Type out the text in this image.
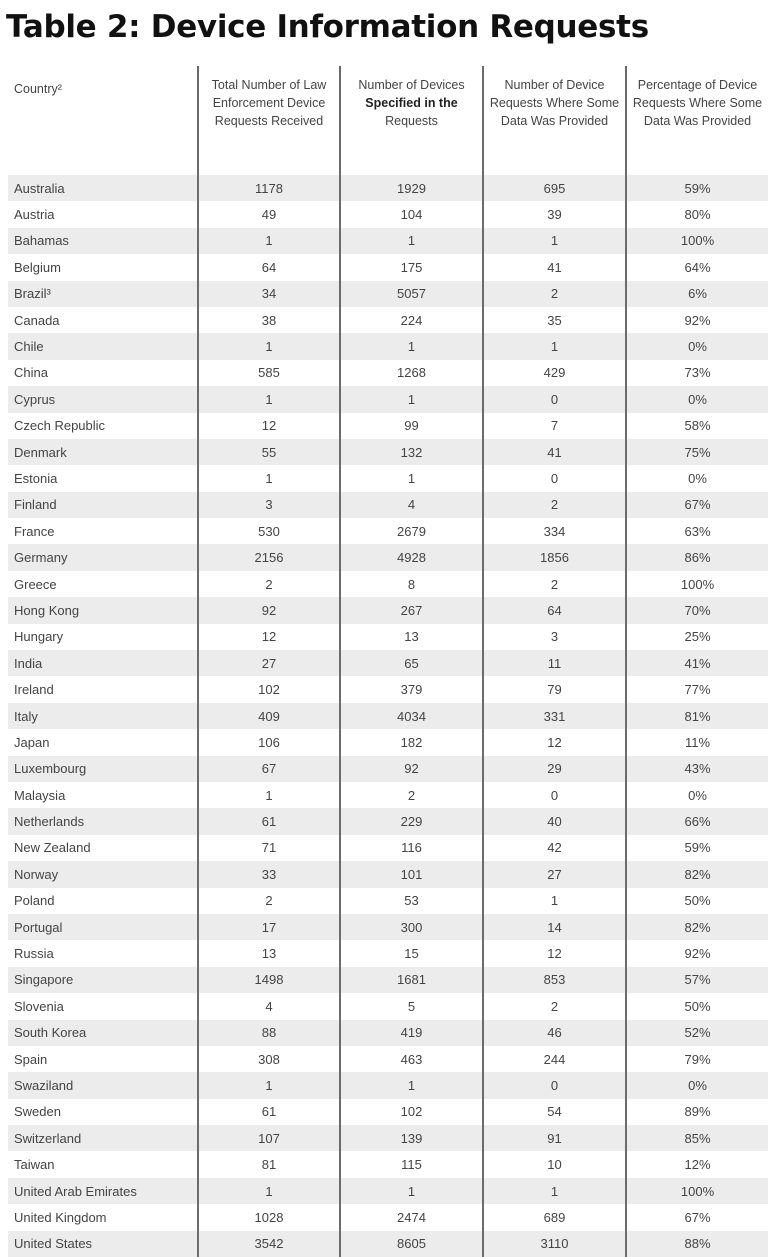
Table 2: Device Information Requests
Country²	Total Number of Law Enforcement Device Requests Received	Number of Devices
Specified in the
Requests	Number of Device Requests Where Some Data Was Provided	Percentage of Device Requests Where Some Data Was Provided
Australia	1178	1929	695	59%
Austria	49	104	39	80%
Bahamas	1	1	1	100%
Belgium	64	175	41	64%
Brazil³	34	5057	2	6%
Canada	38	224	35	92%
Chile	1	1	1	0%
China	585	1268	429	73%
Cyprus	1	1	0	0%
Czech Republic	12	99	7	58%
Denmark	55	132	41	75%
Estonia	1	1	0	0%
Finland	3	4	2	67%
France	530	2679	334	63%
Germany	2156	4928	1856	86%
Greece	2	8	2	100%
Hong Kong	92	267	64	70%
Hungary	12	13	3	25%
India	27	65	11	41%
Ireland	102	379	79	77%
Italy	409	4034	331	81%
Japan	106	182	12	11%
Luxembourg	67	92	29	43%
Malaysia	1	2	0	0%
Netherlands	61	229	40	66%
New Zealand	71	116	42	59%
Norway	33	101	27	82%
Poland	2	53	1	50%
Portugal	17	300	14	82%
Russia	13	15	12	92%
Singapore	1498	1681	853	57%
Slovenia	4	5	2	50%
South Korea	88	419	46	52%
Spain	308	463	244	79%
Swaziland	1	1	0	0%
Sweden	61	102	54	89%
Switzerland	107	139	91	85%
Taiwan	81	115	10	12%
United Arab Emirates	1	1	1	100%
United Kingdom	1028	2474	689	67%
United States	3542	8605	3110	88%
